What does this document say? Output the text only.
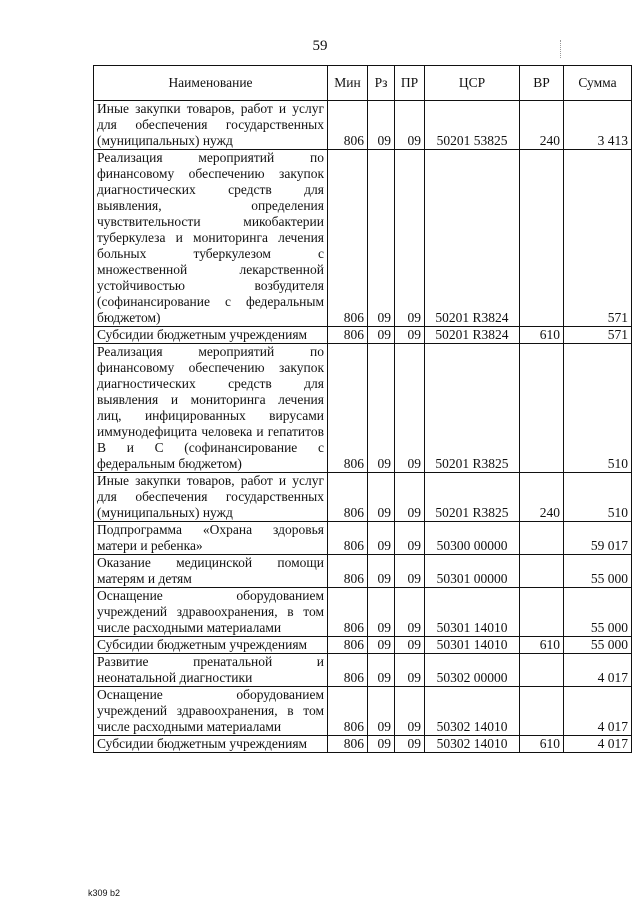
59
Наименование	Мин	Рз	ПР	ЦСР	ВР	Сумма
Иные закупки товаров, работ и услуг для обеспечения государственных (муниципальных) нужд	806	09	09	50201 53825	240	3 413
Реализация мероприятий по финансовому обеспечению закупок диагностических средств для выявления, определения чувствительности микобактерии туберкулеза и мониторинга лечения больных туберкулезом с множественной лекарственной устойчивостью возбудителя (софинансирование с федеральным бюджетом)	806	09	09	50201 R3824		571
Субсидии бюджетным учреждениям	806	09	09	50201 R3824	610	571
Реализация мероприятий по финансовому обеспечению закупок диагностических средств для выявления и мониторинга лечения лиц, инфицированных вирусами иммунодефицита человека и гепатитов В и С (софинансирование с федеральным бюджетом)	806	09	09	50201 R3825		510
Иные закупки товаров, работ и услуг для обеспечения государственных (муниципальных) нужд	806	09	09	50201 R3825	240	510
Подпрограмма «Охрана здоровья матери и ребенка»	806	09	09	50300 00000		59 017
Оказание медицинской помощи матерям и детям	806	09	09	50301 00000		55 000
Оснащение оборудованием учреждений здравоохранения, в том числе расходными материалами	806	09	09	50301 14010		55 000
Субсидии бюджетным учреждениям	806	09	09	50301 14010	610	55 000
Развитие пренатальной и неонатальной диагностики	806	09	09	50302 00000		4 017
Оснащение оборудованием учреждений здравоохранения, в том числе расходными материалами	806	09	09	50302 14010		4 017
Субсидии бюджетным учреждениям	806	09	09	50302 14010	610	4 017
k309 b2
